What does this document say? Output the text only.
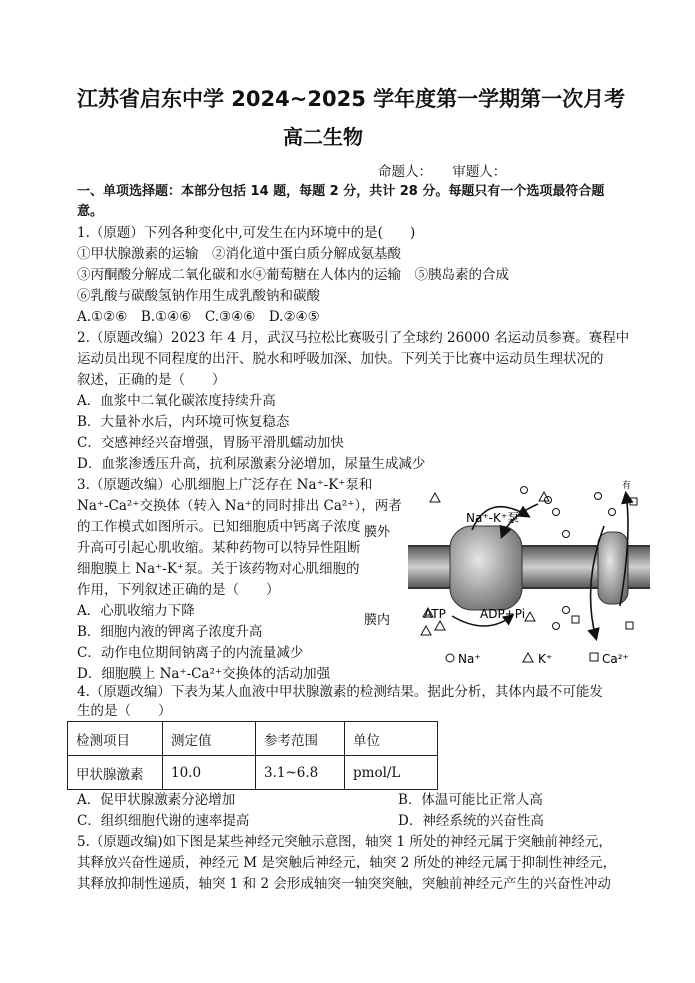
江苏省启东中学 2024~2025 学年度第一学期第一次月考
高二生物
命题人：　　审题人：
一、单项选择题：本部分包括 14 题，每题 2 分，共计 28 分。每题只有一个选项最符合题
意。
1.（原题）下列各种变化中,可发生在内环境中的是(　　)
①甲状腺激素的运输　②消化道中蛋白质分解成氨基酸
③丙酮酸分解成二氧化碳和水④葡萄糖在人体内的运输　⑤胰岛素的合成
⑥乳酸与碳酸氢钠作用生成乳酸钠和碳酸
A.①②⑥　B.①④⑥　C.③④⑥　D.②④⑤
2.（原题改编）2023 年 4 月，武汉马拉松比赛吸引了全球约 26000 名运动员参赛。赛程中
运动员出现不同程度的出汗、脱水和呼吸加深、加快。下列关于比赛中运动员生理状况的
叙述，正确的是（　　）
A．血浆中二氧化碳浓度持续升高
B．大量补水后，内环境可恢复稳态
C．交感神经兴奋增强，胃肠平滑肌蠕动加快
D．血浆渗透压升高，抗利尿激素分泌增加，尿量生成减少
3.（原题改编）心肌细胞上广泛存在 Na⁺-K⁺泵和
Na⁺-Ca²⁺交换体（转入 Na⁺的同时排出 Ca²⁺），两者
的工作模式如图所示。已知细胞质中钙离子浓度
升高可引起心肌收缩。某种药物可以特异性阻断
细胞膜上 Na⁺-K⁺泵。关于该药物对心肌细胞的
作用，下列叙述正确的是（　　）
A．心肌收缩力下降
B．细胞内液的钾离子浓度升高
C．动作电位期间钠离子的内流量减少
D．细胞膜上 Na⁺-Ca²⁺交换体的活动加强
膜外
膜内
Na⁺-K⁺泵
ATP	ADP+Pi
有
Na⁺	K⁺	Ca²⁺
4.（原题改编）下表为某人血液中甲状腺激素的检测结果。据此分析，其体内最不可能发
生的是（　　）
检测项目	测定值	参考范围	单位
甲状腺激素	10.0	3.1~6.8	pmol/L
A．促甲状腺激素分泌增加	B．体温可能比正常人高
C．组织细胞代谢的速率提高	D．神经系统的兴奋性高
5.（原题改编)如下图是某些神经元突触示意图，轴突 1 所处的神经元属于突触前神经元，
其释放兴奋性递质，神经元 M 是突触后神经元，轴突 2 所处的神经元属于抑制性神经元，
其释放抑制性递质，轴突 1 和 2 会形成轴突一轴突突触，突触前神经元产生的兴奋性冲动
